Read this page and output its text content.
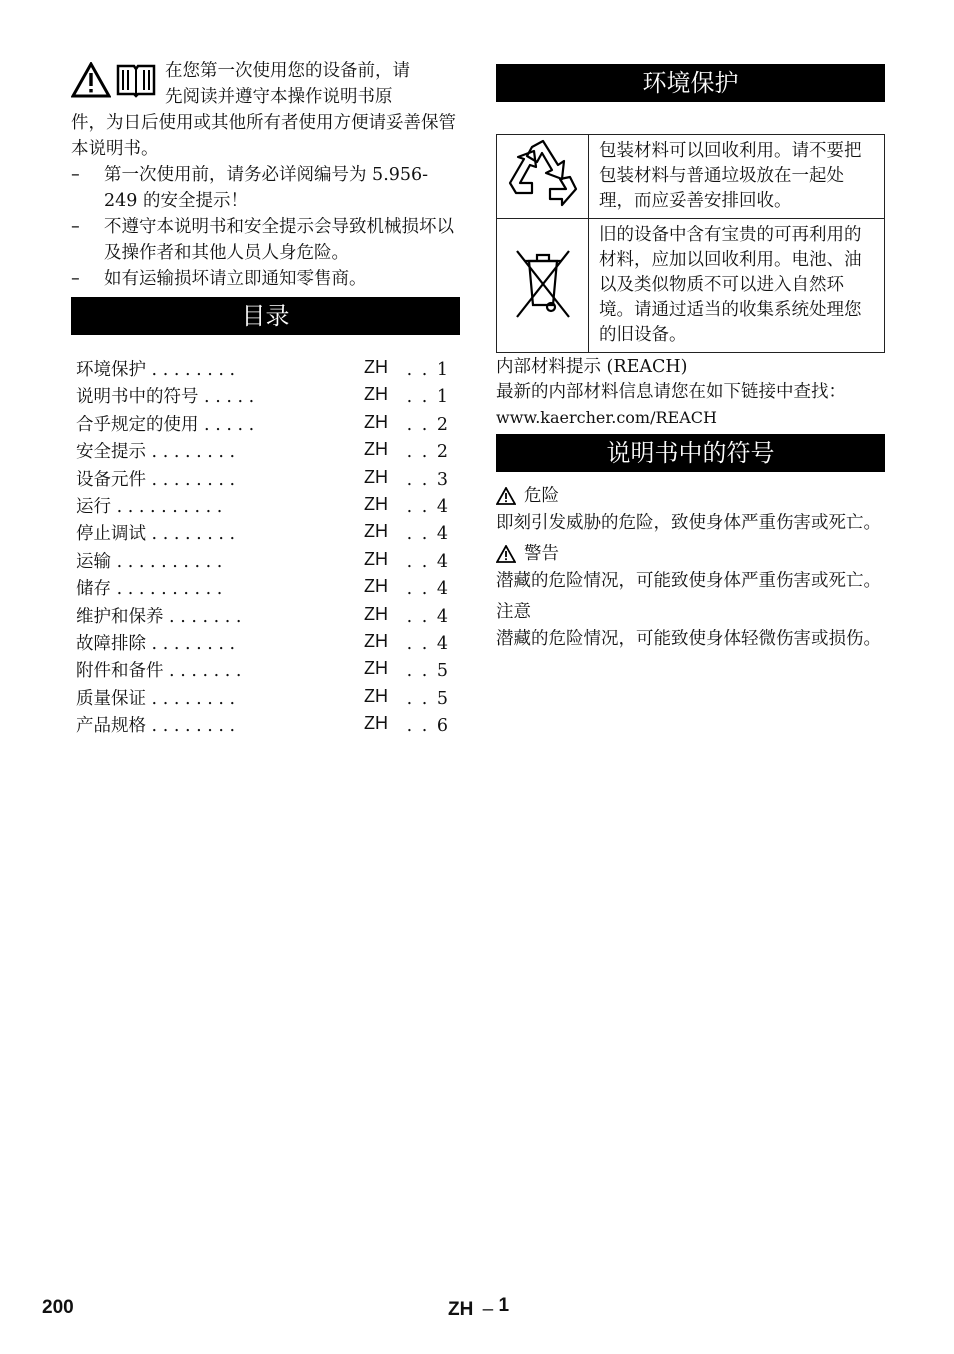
在您第一次使用您的设备前，请
先阅读并遵守本操作说明书原
件，为日后使用或其他所有者使用方便请妥善保管本说明书。
–	第一次使用前，请务必详阅编号为 5.956-249 的安全提示！
–	不遵守本说明书和安全提示会导致机械损坏以及操作者和其他人员人身危险。
–	如有运输损坏请立即通知零售商。
目录
环境保护 . . . . . . . .	ZH	. . 1
说明书中的符号 . . . . .	ZH	. . 1
合乎规定的使用 . . . . .	ZH	. . 2
安全提示 . . . . . . . .	ZH	. . 2
设备元件 . . . . . . . .	ZH	. . 3
运行 . . . . . . . . . .	ZH	. . 4
停止调试 . . . . . . . .	ZH	. . 4
运输 . . . . . . . . . .	ZH	. . 4
储存 . . . . . . . . . .	ZH	. . 4
维护和保养 . . . . . . .	ZH	. . 4
故障排除 . . . . . . . .	ZH	. . 4
附件和备件 . . . . . . .	ZH	. . 5
质量保证 . . . . . . . .	ZH	. . 5
产品规格 . . . . . . . .	ZH	. . 6
环境保护
	包装材料可以回收利用。请不要把包装材料与普通垃圾放在一起处理，而应妥善安排回收。
	旧的设备中含有宝贵的可再利用的材料，应加以回收利用。电池、油以及类似物质不可以进入自然环境。请通过适当的收集系统处理您的旧设备。
内部材料提示 (REACH)
最新的内部材料信息请您在如下链接中查找：
www.kaercher.com/REACH
说明书中的符号
危险
即刻引发威胁的危险，致使身体严重伤害或死亡。
警告
潜藏的危险情况，可能致使身体严重伤害或死亡。
注意
潜藏的危险情况，可能致使身体轻微伤害或损伤。
200	ZH – 1
